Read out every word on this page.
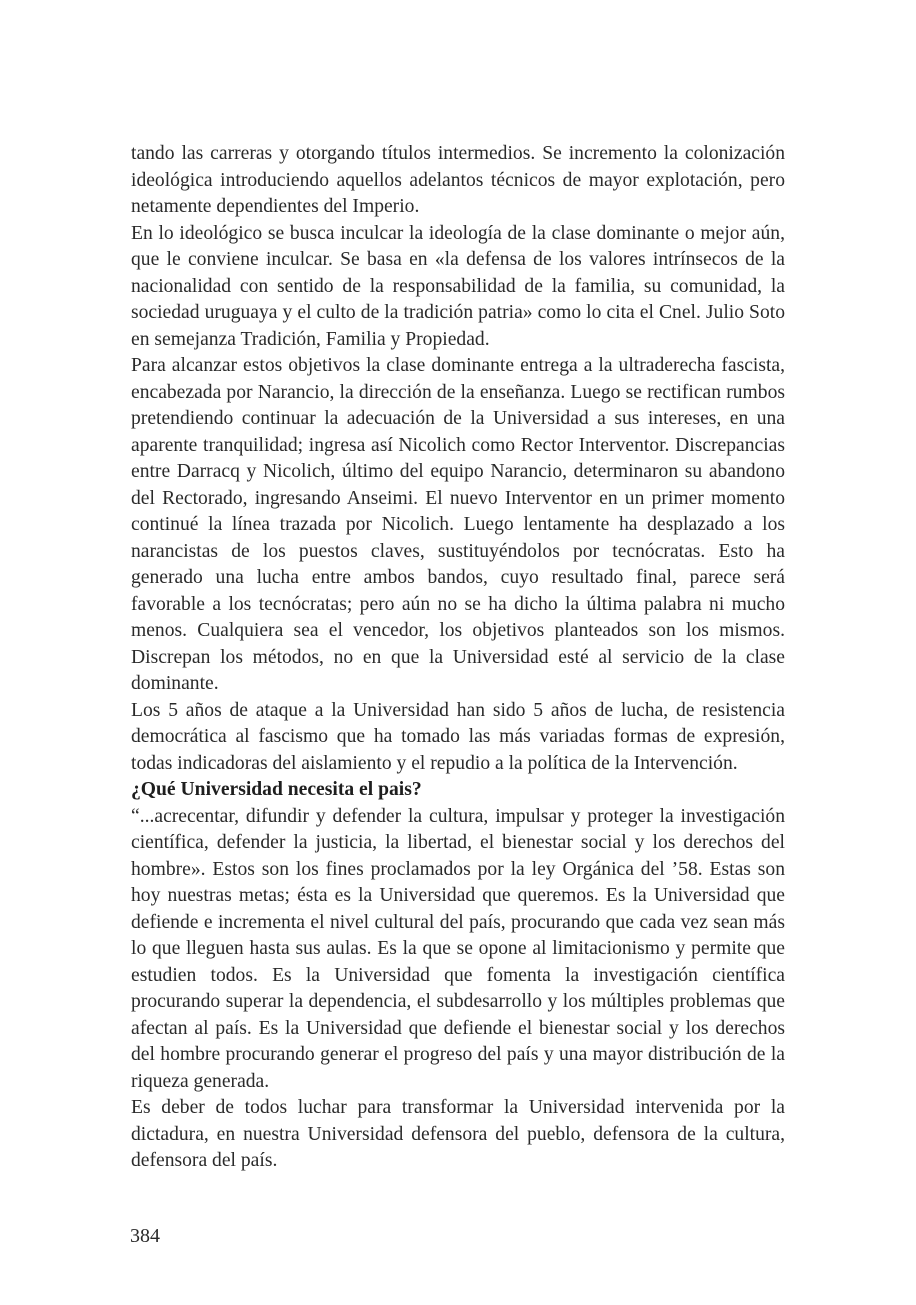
tando las carreras y otorgando títulos intermedios. Se incremento la colonización ideológica introduciendo aquellos adelantos técnicos de mayor explotación, pero netamente dependientes del Imperio.

En lo ideológico se busca inculcar la ideología de la clase dominante o mejor aún, que le conviene inculcar. Se basa en «la defensa de los valores intrínsecos de la nacionalidad con sentido de la responsabilidad de la familia, su comunidad, la sociedad uruguaya y el culto de la tradición patria» como lo cita el Cnel. Julio Soto en semejanza Tradición, Familia y Propiedad.

Para alcanzar estos objetivos la clase dominante entrega a la ultraderecha fascista, encabezada por Narancio, la dirección de la enseñanza. Luego se rectifican rumbos pretendiendo continuar la adecuación de la Universidad a sus intereses, en una aparente tranquilidad; ingresa así Nicolich como Rector Interventor. Discrepancias entre Darracq y Nicolich, último del equipo Narancio, determinaron su abandono del Rectorado, ingresando Anseimi. El nuevo Interventor en un primer momento continué la línea trazada por Nicolich. Luego lentamente ha desplazado a los narancistas de los puestos claves, sustituyéndolos por tecnócratas. Esto ha generado una lucha entre ambos bandos, cuyo resultado final, parece será favorable a los tecnócratas; pero aún no se ha dicho la última palabra ni mucho menos. Cualquiera sea el vencedor, los objetivos planteados son los mismos. Discrepan los métodos, no en que la Universidad esté al servicio de la clase dominante.

Los 5 años de ataque a la Universidad han sido 5 años de lucha, de resistencia democrática al fascismo que ha tomado las más variadas formas de expresión, todas indicadoras del aislamiento y el repudio a la política de la Intervención.

¿Qué Universidad necesita el pais?

“...acrecentar, difundir y defender la cultura, impulsar y proteger la investigación científica, defender la justicia, la libertad, el bienestar social y los derechos del hombre». Estos son los fines proclamados por la ley Orgánica del ’58. Estas son hoy nuestras metas; ésta es la Universidad que queremos. Es la Universidad que defiende e incrementa el nivel cultural del país, procurando que cada vez sean más lo que lleguen hasta sus aulas. Es la que se opone al limitacionismo y permite que estudien todos. Es la Universidad que fomenta la investigación científica procurando superar la dependencia, el subdesarrollo y los múltiples problemas que afectan al país. Es la Universidad que defiende el bienestar social y los derechos del hombre procurando generar el progreso del país y una mayor distribución de la riqueza generada.

Es deber de todos luchar para transformar la Universidad intervenida por la dictadura, en nuestra Universidad defensora del pueblo, defensora de la cultura, defensora del país.

384
